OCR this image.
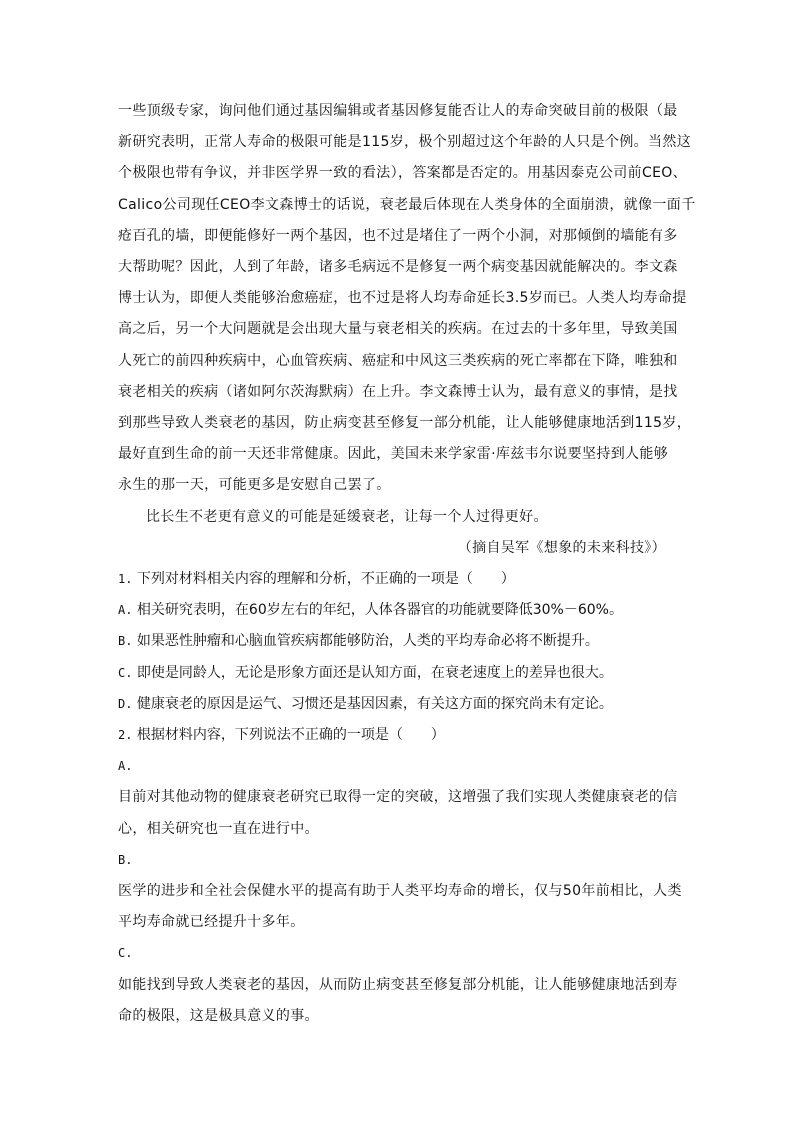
一些顶级专家，询问他们通过基因编辑或者基因修复能否让人的寿命突破目前的极限（最
新研究表明，正常人寿命的极限可能是115岁，极个别超过这个年龄的人只是个例。当然这
个极限也带有争议，并非医学界一致的看法），答案都是否定的。用基因泰克公司前CEO、
Calico公司现任CEO李文森博士的话说，衰老最后体现在人类身体的全面崩溃，就像一面千
疮百孔的墙，即便能修好一两个基因，也不过是堵住了一两个小洞，对那倾倒的墙能有多
大帮助呢？因此，人到了年龄，诸多毛病远不是修复一两个病变基因就能解决的。李文森
博士认为，即便人类能够治愈癌症，也不过是将人均寿命延长3.5岁而已。人类人均寿命提
高之后，另一个大问题就是会出现大量与衰老相关的疾病。在过去的十多年里，导致美国
人死亡的前四种疾病中，心血管疾病、癌症和中风这三类疾病的死亡率都在下降，唯独和
衰老相关的疾病（诸如阿尔茨海默病）在上升。李文森博士认为，最有意义的事情，是找
到那些导致人类衰老的基因，防止病变甚至修复一部分机能，让人能够健康地活到115岁，
最好直到生命的前一天还非常健康。因此，美国未来学家雷·库兹韦尔说要坚持到人能够
永生的那一天，可能更多是安慰自己罢了。
比长生不老更有意义的可能是延缓衰老，让每一个人过得更好。
（摘自吴军《想象的未来科技》）
1. 下列对材料相关内容的理解和分析，不正确的一项是（　　）
A. 相关研究表明，在60岁左右的年纪，人体各器官的功能就要降低30%－60%。
B. 如果恶性肿瘤和心脑血管疾病都能够防治，人类的平均寿命必将不断提升。
C. 即使是同龄人，无论是形象方面还是认知方面，在衰老速度上的差异也很大。
D. 健康衰老的原因是运气、习惯还是基因因素，有关这方面的探究尚未有定论。
2. 根据材料内容，下列说法不正确的一项是（　　）
A.
目前对其他动物的健康衰老研究已取得一定的突破，这增强了我们实现人类健康衰老的信
心，相关研究也一直在进行中。
B.
医学的进步和全社会保健水平的提高有助于人类平均寿命的增长，仅与50年前相比，人类
平均寿命就已经提升十多年。
C.
如能找到导致人类衰老的基因，从而防止病变甚至修复部分机能，让人能够健康地活到寿
命的极限，这是极具意义的事。
